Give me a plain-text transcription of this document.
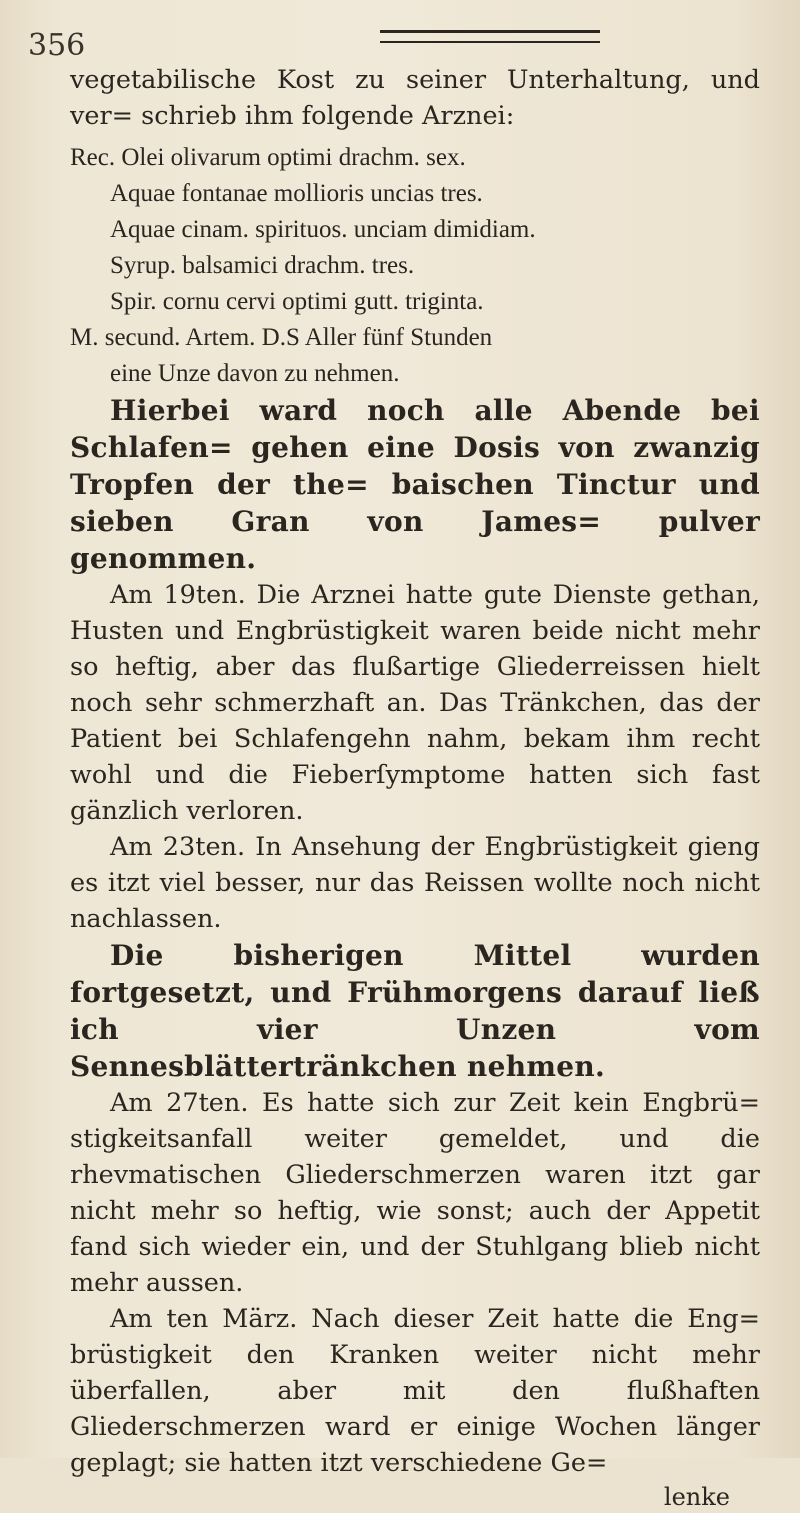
356

vegetabilische Kost zu seiner Unterhaltung, und ver= schrieb ihm folgende Arznei:

Rec. Olei olivarum optimi drachm. sex.
Aquae fontanae mollioris uncias tres.
Aquae cinam. spirituos. unciam dimidiam.
Syrup. balsamici drachm. tres.
Spir. cornu cervi optimi gutt. triginta.
M. secund. Artem. D.S Aller fünf Stunden
eine Unze davon zu nehmen.

Hierbei ward noch alle Abende bei Schlafen= gehen eine Dosis von zwanzig Tropfen der the= baischen Tinctur und sieben Gran von James= pulver genommen.

Am 19ten. Die Arznei hatte gute Dienste gethan, Husten und Engbrüstigkeit waren beide nicht mehr so heftig, aber das flußartige Gliederreissen hielt noch sehr schmerzhaft an. Das Tränkchen, das der Patient bei Schlafengehn nahm, bekam ihm recht wohl und die Fieberſymptome hatten sich fast gänzlich verloren.

Am 23ten. In Ansehung der Engbrüstigkeit gieng es itzt viel besser, nur das Reissen wollte noch nicht nachlassen.

Die bisherigen Mittel wurden fortgesetzt, und Frühmorgens darauf ließ ich vier Unzen vom Sennesblättertränkchen nehmen.

Am 27ten. Es hatte sich zur Zeit kein Engbrü= stigkeitsanfall weiter gemeldet, und die rhevmatischen Gliederschmerzen waren itzt gar nicht mehr so heftig, wie sonst; auch der Appetit fand sich wieder ein, und der Stuhlgang blieb nicht mehr aussen.

Am ten März. Nach dieser Zeit hatte die Eng= brüstigkeit den Kranken weiter nicht mehr überfallen, aber mit den flußhaften Gliederschmerzen ward er einige Wochen länger geplagt; sie hatten itzt verschiedene Ge=

lenke
